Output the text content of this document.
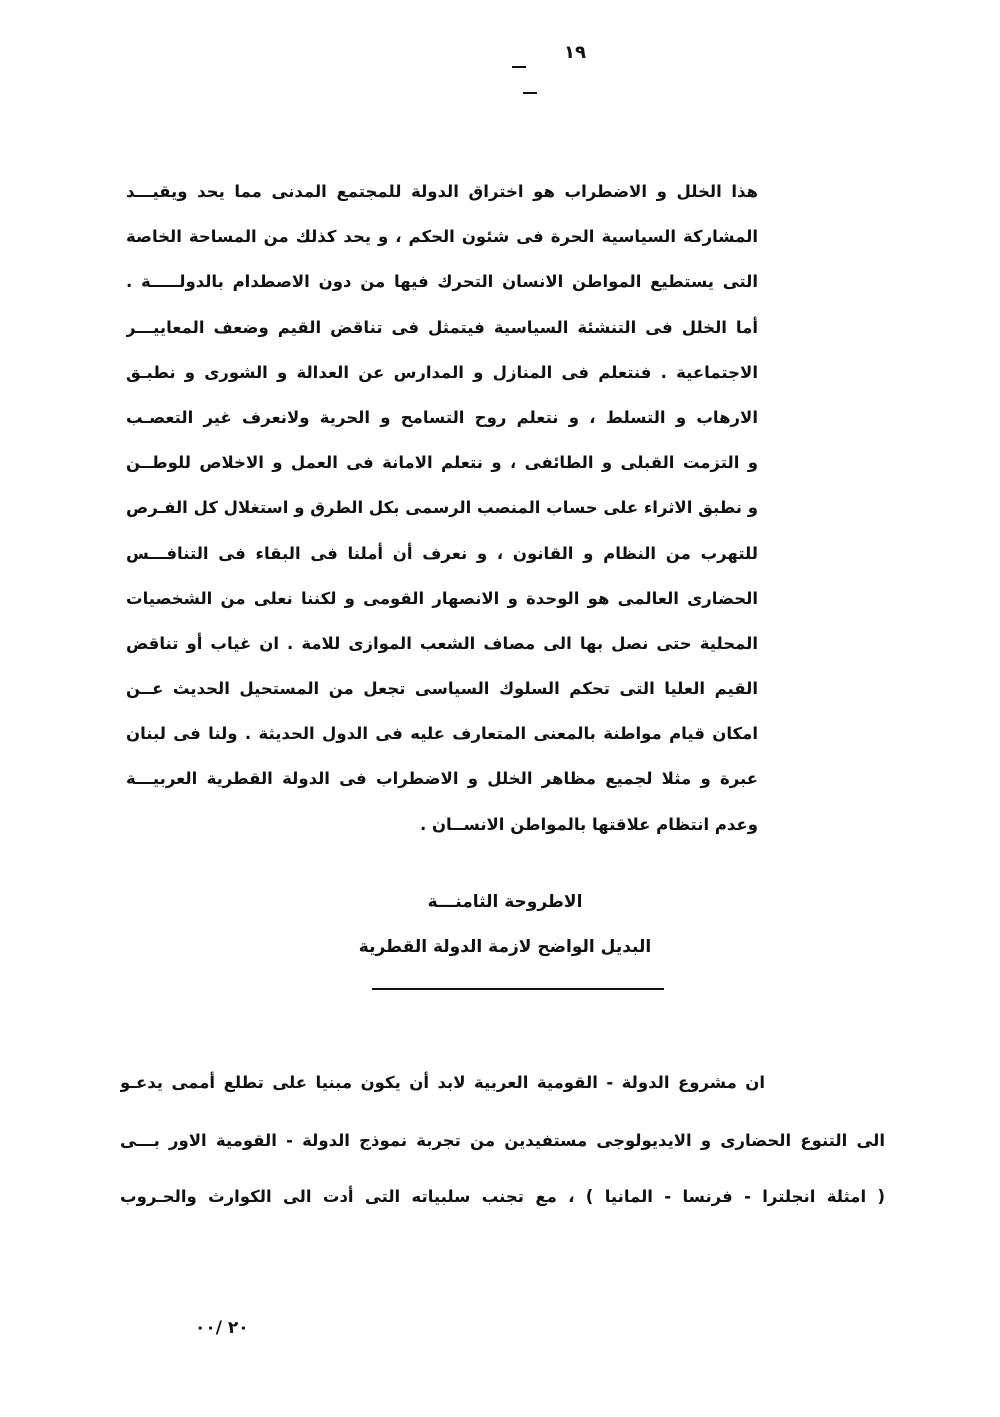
١٩
هذا الخلل و الاضطراب هو اختراق الدولة للمجتمع المدنى مما يحد ويقيـــد
المشاركة السياسية الحرة فى شئون الحكم ، و يحد كذلك من المساحة الخاصة
التى يستطيع المواطن الانسان التحرك فيها من دون الاصطدام بالدولـــــة .
أما الخلل فى التنشئة السياسية فيتمثل فى تناقض القيم وضعف المعاييـــر
الاجتماعية . فنتعلم فى المنازل و المدارس عن العدالة و الشورى و نطبـق
الارهاب و التسلط ، و نتعلم روح التسامح و الحرية ولانعرف غير التعصـب
و التزمت القبلى و الطائفى ، و نتعلم الامانة فى العمل و الاخلاص للوطــن
و نطبق الاثراء على حساب المنصب الرسمى بكل الطرق و استغلال كل الفـرص
للتهرب من النظام و القانون ، و نعرف أن أملنا فى البقاء فى التنافـــس
الحضارى العالمى هو الوحدة و الانصهار القومى و لكننا نعلى من الشخصيات
المحلية حتى نصل بها الى مصاف الشعب الموازى للامة . ان غياب أو تناقض
القيم العليا التى تحكم السلوك السياسى تجعل من المستحيل الحديث عــن
امكان قيام مواطنة بالمعنى المتعارف عليه فى الدول الحديثة . ولنا فى لبنان
عبرة و مثلا لجميع مظاهر الخلل و الاضطراب فى الدولة القطرية العربيـــة
وعدم انتظام علاقتها بالمواطن الانســان .
الاطروحة الثامنـــة
البديل الواضح لازمة الدولة القطرية
ان مشروع الدولة - القومية العربية لابد أن يكون مبنيا على تطلع أممى يدعـو
الى التنوع الحضارى و الايديولوجى مستفيدين من تجربة نموذج الدولة - القومية الاور بـــى
( امثلة انجلترا - فرنسا - المانيا ) ، مع تجنب سلبياته التى أدت الى الكوارث والحـروب
٢٠ /٠٠
